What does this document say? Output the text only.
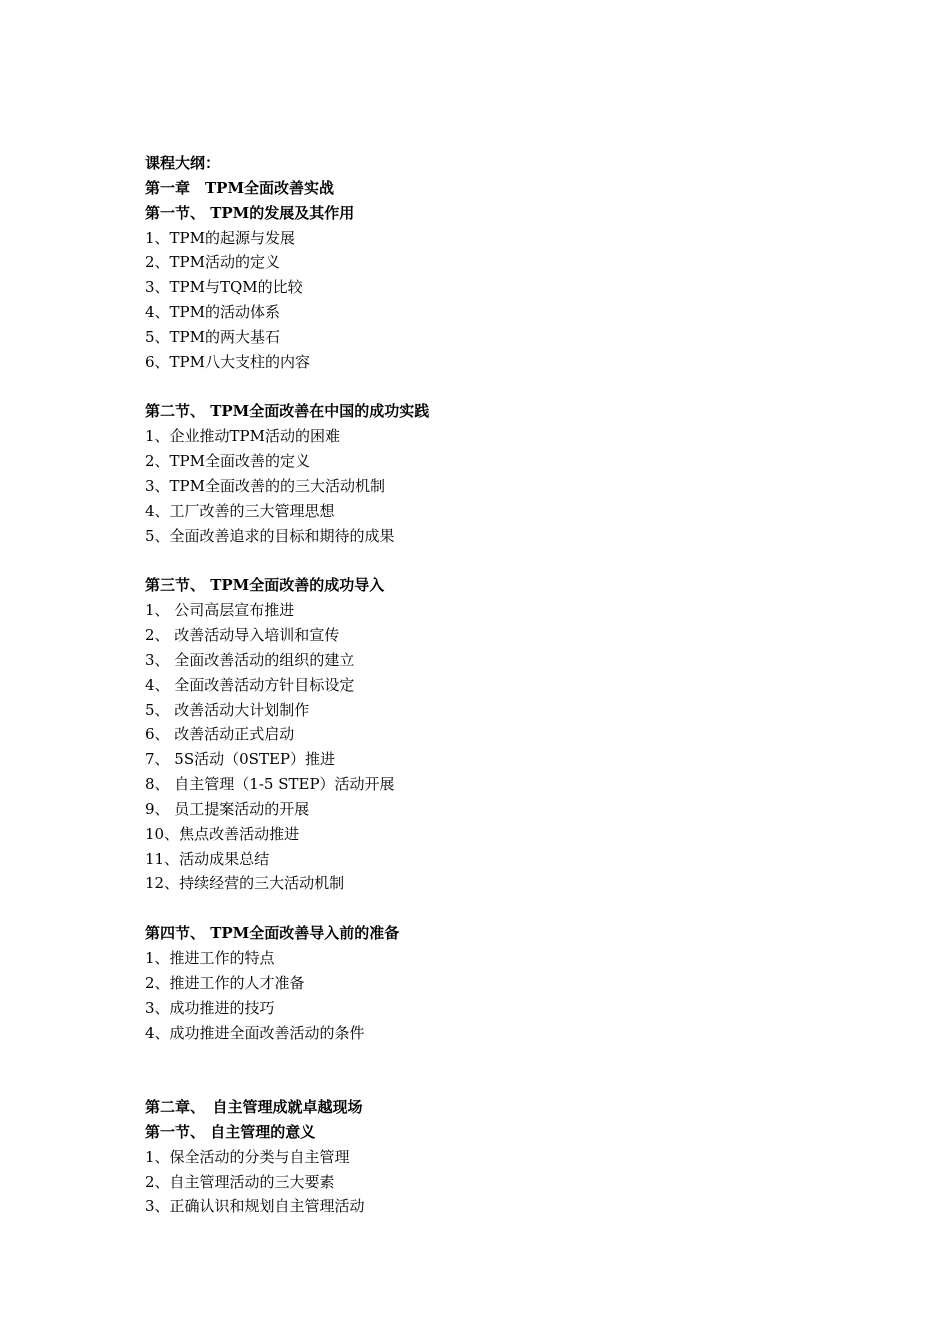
课程大纲：
第一章　TPM全面改善实战
第一节、 TPM的发展及其作用
1、TPM的起源与发展
2、TPM活动的定义
3、TPM与TQM的比较
4、TPM的活动体系
5、TPM的两大基石
6、TPM八大支柱的内容
第二节、 TPM全面改善在中国的成功实践
1、企业推动TPM活动的困难
2、TPM全面改善的定义
3、TPM全面改善的的三大活动机制
4、工厂改善的三大管理思想
5、全面改善追求的目标和期待的成果
第三节、 TPM全面改善的成功导入
1、 公司高层宣布推进
2、 改善活动导入培训和宣传
3、 全面改善活动的组织的建立
4、 全面改善活动方针目标设定
5、 改善活动大计划制作
6、 改善活动正式启动
7、 5S活动（0STEP）推进
8、 自主管理（1-5 STEP）活动开展
9、 员工提案活动的开展
10、焦点改善活动推进
11、活动成果总结
12、持续经营的三大活动机制
第四节、 TPM全面改善导入前的准备
1、推进工作的特点
2、推进工作的人才准备
3、成功推进的技巧
4、成功推进全面改善活动的条件
第二章、　自主管理成就卓越现场
第一节、 自主管理的意义
1、保全活动的分类与自主管理
2、自主管理活动的三大要素
3、正确认识和规划自主管理活动
